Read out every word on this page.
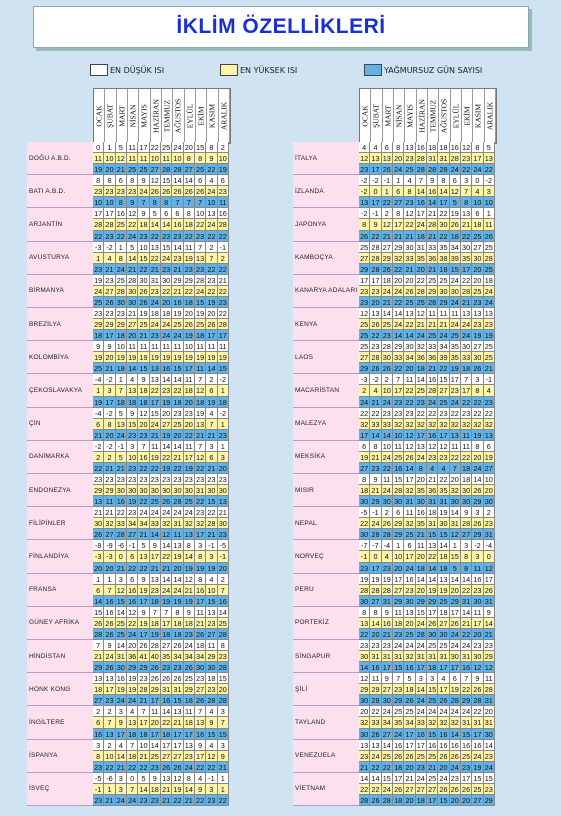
İKLİM ÖZELLİKLERİ
EN DÜŞÜK ISI	EN YÜKSEK ISI	YAĞMURSUZ GÜN SAYISI
OCAK ŞUBAT MART NİSAN MAYIS HAZİRAN TEMMUZ AĞUSTOS EYLÜL EKİM KASIM ARALIK	OCAK ŞUBAT MART NİSAN MAYIS HAZİRAN TEMMUZ AĞUSTOS EYLÜL EKİM KASIM ARALIK
DOĞU A.B.D.
0 1 5 11 17 22 25 24 20 15 8 2
11 10 12 11 11 10 11 10 8 8 9 10
19 20 21 25 25 27 28 28 27 25 22 19
BATI A.B.D.
8 8 6 8 9 12 15 14 14 6 4 6
23 23 23 23 24 26 26 26 26 26 24 23
10 10 8 9 7 8 8 7 7 7 10 11
ARJANTİN
17 17 16 12 9 5 6 6 8 10 13 16
28 28 25 22 18 14 14 16 18 22 24 28
22 23 22 24 23 22 23 23 22 23 22 22
AVUSTURYA
-3 -2 1 5 10 13 15 14 11 7 2 -1
1 4 8 14 15 22 24 23 19 13 7 2
23 21 24 21 22 21 23 21 23 23 22 22
BİRMANYA
19 23 25 28 30 31 30 29 29 28 23 21
24 27 28 30 26 23 22 21 22 24 22 22
25 26 30 30 26 24 20 16 18 15 19 23
BREZİLYA
23 23 23 21 19 18 18 19 20 19 20 22
29 29 29 27 25 24 24 25 26 25 26 28
18 17 18 20 21 23 24 24 19 18 17 17
KOLOMBİYA
9 9 10 11 11 11 11 11 10 11 11 11
19 20 19 19 19 19 19 19 19 19 19 19
25 21 18 14 15 13 16 15 17 11 14 15
ÇEKOSLAVAKYA
-4 -2 1 4 9 13 14 14 11 7 2 -2
1 3 7 13 18 22 23 22 18 12 6 1
19 17 18 18 18 17 19 18 20 18 19 18
ÇİN
-4 -2 5 9 12 15 20 23 23 19 4 -2
6 8 13 15 20 24 27 25 20 13 7 1
21 20 24 23 23 21 19 20 22 21 21 23
DANİMARKA
-2 -2 -1 3 7 11 14 14 11 7 3 1
2 2 5 10 16 19 22 21 17 12 6 3
22 21 21 23 22 22 19 22 19 22 21 20
ENDONEZYA
23 23 23 23 23 23 23 23 23 23 23 23
29 29 30 30 30 30 30 30 30 31 30 30
13 11 16 19 22 25 26 28 25 22 15 13
FİLİPİNLER
21 21 22 23 24 24 24 24 24 23 22 21
30 32 33 34 34 33 32 31 32 32 28 30
26 27 28 27 21 14 12 11 13 17 21 23
FİNLANDİYA
-8 -9 -6 -1 5 9 14 13 8 3 -1 -5
-3 -3 0 6 13 17 22 19 14 8 3 -1
20 20 21 22 22 21 21 20 19 19 19 20
FRANSA
1 1 3 6 9 13 14 14 12 8 4 2
6 7 12 16 19 23 24 24 21 16 10 7
14 16 15 16 17 18 19 19 19 17 15 16
GÜNEY AFRİKA
15 16 14 12 9 7 7 8 9 11 13 14
26 26 25 22 19 18 17 18 18 21 23 25
28 26 25 24 17 19 18 18 23 26 27 28
HİNDİSTAN
7 9 14 20 26 28 27 26 24 18 11 8
21 24 31 36 41 40 35 34 34 34 29 23
29 26 30 29 29 26 23 23 26 30 30 28
HONK KONG
13 13 16 19 23 26 26 26 25 23 18 15
18 17 19 19 28 29 31 31 29 27 23 20
27 23 24 24 21 17 16 15 18 26 28 28
İNGİLTERE
2 2 3 4 7 11 14 13 11 7 4 3
6 7 9 13 17 20 22 21 18 13 9 7
16 13 17 18 18 17 18 17 17 16 15 15
İSPANYA
3 2 4 7 10 14 17 17 13 9 4 3
8 10 14 18 21 25 27 27 23 17 12 9
23 22 21 22 22 23 26 26 24 22 22 21
İSVEÇ
-5 -6 3 0 5 9 13 12 8 4 -1 1
-1 1 3 7 14 18 21 19 14 9 3 1
23 21 24 24 23 23 21 22 21 22 23 22
İTALYA
4 4 6 8 13 16 18 18 16 12 8 5
12 13 13 20 23 28 31 31 28 23 17 13
23 17 26 24 25 28 28 28 24 22 24 22
İZLANDA
-2 -2 -1 1 4 7 9 8 6 3 0 -2
-2 0 1 6 8 14 16 14 12 7 4 3
13 17 22 27 23 16 14 17 5 8 10 10
JAPONYA
-2 -1 2 8 12 17 21 22 19 13 6 1
8 9 12 17 22 24 28 30 26 21 18 11
26 22 21 21 21 18 21 22 18 22 25 26
KAMBOÇYA
25 28 27 29 30 31 33 35 34 30 27 25
27 28 29 32 33 35 36 38 39 35 30 28
29 28 26 22 21 20 21 18 15 17 20 25
KANARYA ADALARI
17 17 18 20 20 22 25 25 24 22 20 18
23 23 24 24 26 28 29 30 30 28 25 24
23 20 21 22 25 25 28 29 24 21 23 24
KENYA
12 13 14 14 13 12 11 11 11 13 13 13
25 26 25 24 22 21 21 21 24 24 23 23
25 22 23 14 14 24 25 24 25 24 19 19
LAOS
25 23 28 29 30 32 33 34 35 30 27 25
27 28 30 33 34 36 36 39 35 33 30 25
29 26 26 22 20 18 21 22 19 18 26 21
MACARİSTAN
-3 -2 2 7 11 14 16 15 17 7 3 -1
2 4 10 17 22 25 28 27 23 17 8 4
24 21 24 23 22 23 24 25 24 22 22 23
MALEZYA
22 22 23 23 23 22 22 23 22 23 22 22
32 33 33 32 32 32 32 32 32 32 32 32
17 14 14 10 12 17 16 17 13 11 19 13
MEKSİKA
6 8 10 11 12 13 12 12 11 11 8 6
19 21 24 25 26 24 23 23 22 22 20 19
27 23 22 16 14 8 4 4 7 18 24 27
MISIR
8 9 11 15 17 20 21 22 20 18 14 10
18 21 24 28 32 35 36 35 32 30 26 20
30 29 30 30 31 30 31 31 30 30 29 30
NEPAL
-5 -1 2 6 11 16 18 19 14 9 3 2
22 24 26 29 32 35 31 30 31 28 26 23
30 28 28 29 25 21 15 15 12 27 29 31
NORVEÇ
-7 -7 -4 1 6 11 13 14 1 3 -2 -4
-1 0 4 10 17 20 22 18 15 8 3 0
23 17 23 20 24 18 14 18 5 8 11 12
PERU
19 19 19 17 16 14 14 13 14 14 16 17
28 28 28 27 23 20 19 19 20 22 23 26
30 27 31 29 30 29 29 25 29 31 30 31
PORTEKİZ
8 8 9 11 13 15 17 18 17 14 11 9
13 14 16 18 20 24 26 27 26 21 17 14
22 20 21 23 25 28 30 30 24 22 20 21
SİNGAPUR
23 23 23 24 24 24 25 25 24 24 23 23
30 31 31 31 32 31 31 31 30 31 30 29
14 16 17 15 16 17 18 17 17 16 12 12
ŞİLİ
12 11 9 7 5 3 3 4 6 7 9 11
29 29 27 23 18 14 15 17 19 22 26 28
30 28 30 29 26 24 25 26 28 29 28 31
TAYLAND
20 22 24 25 25 24 24 24 24 24 22 20
32 33 34 35 34 33 32 32 32 31 31 31
30 26 27 24 17 16 15 16 14 15 17 30
VENEZUELA
13 13 14 16 17 17 16 16 16 16 16 14
23 24 25 26 26 25 25 26 26 25 24 23
21 22 22 18 20 23 21 20 24 23 19 24
VİETNAM
14 14 15 17 21 24 25 24 23 17 15 15
22 22 24 26 27 27 27 26 26 26 25 23
28 26 28 18 20 18 17 15 20 20 27 29
